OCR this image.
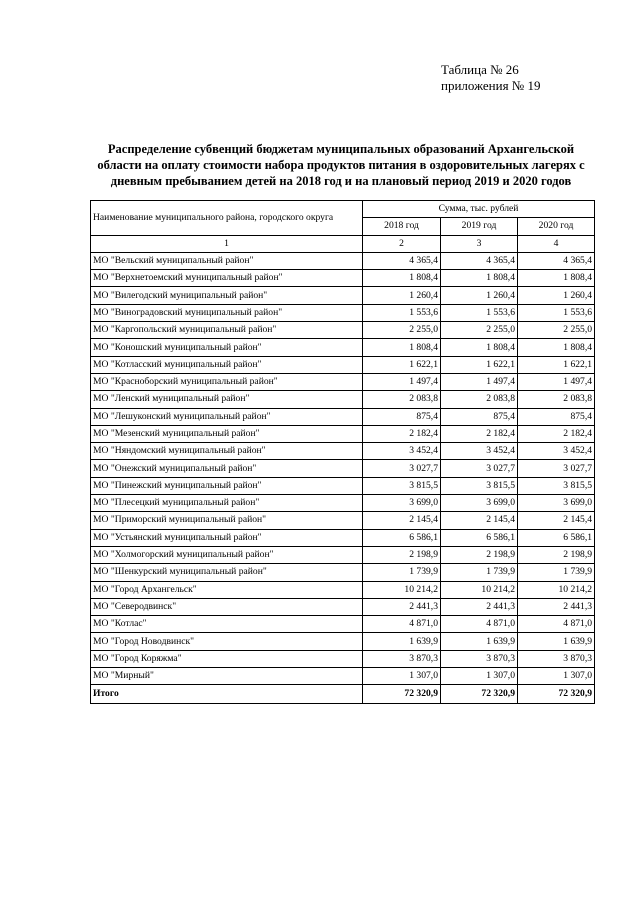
Таблица № 26
приложения № 19
Распределение субвенций бюджетам муниципальных образований Архангельской области на оплату стоимости набора продуктов питания в оздоровительных лагерях с дневным пребыванием детей на 2018 год и на плановый период 2019 и 2020 годов
Наименование муниципального района, городского округа	Сумма, тыс. рублей		
	2018 год	2019 год	2020 год
1	2	3	4
МО "Вельский муниципальный район"	4 365,4	4 365,4	4 365,4
МО "Верхнетоемский муниципальный район"	1 808,4	1 808,4	1 808,4
МО "Вилегодский муниципальный район"	1 260,4	1 260,4	1 260,4
МО "Виноградовский муниципальный район"	1 553,6	1 553,6	1 553,6
МО "Каргопольский муниципальный район"	2 255,0	2 255,0	2 255,0
МО "Коношский муниципальный район"	1 808,4	1 808,4	1 808,4
МО "Котласский муниципальный район"	1 622,1	1 622,1	1 622,1
МО "Красноборский муниципальный район"	1 497,4	1 497,4	1 497,4
МО "Ленский муниципальный район"	2 083,8	2 083,8	2 083,8
МО "Лешуконский муниципальный район"	875,4	875,4	875,4
МО "Мезенский муниципальный район"	2 182,4	2 182,4	2 182,4
МО "Няндомский муниципальный район"	3 452,4	3 452,4	3 452,4
МО "Онежский муниципальный район"	3 027,7	3 027,7	3 027,7
МО "Пинежский муниципальный район"	3 815,5	3 815,5	3 815,5
МО "Плесецкий муниципальный район"	3 699,0	3 699,0	3 699,0
МО "Приморский муниципальный район"	2 145,4	2 145,4	2 145,4
МО "Устьянский муниципальный район"	6 586,1	6 586,1	6 586,1
МО "Холмогорский муниципальный район"	2 198,9	2 198,9	2 198,9
МО "Шенкурский муниципальный район"	1 739,9	1 739,9	1 739,9
МО "Город Архангельск"	10 214,2	10 214,2	10 214,2
МО "Северодвинск"	2 441,3	2 441,3	2 441,3
МО "Котлас"	4 871,0	4 871,0	4 871,0
МО "Город Новодвинск"	1 639,9	1 639,9	1 639,9
МО "Город Коряжма"	3 870,3	3 870,3	3 870,3
МО "Мирный"	1 307,0	1 307,0	1 307,0
Итого	72 320,9	72 320,9	72 320,9
